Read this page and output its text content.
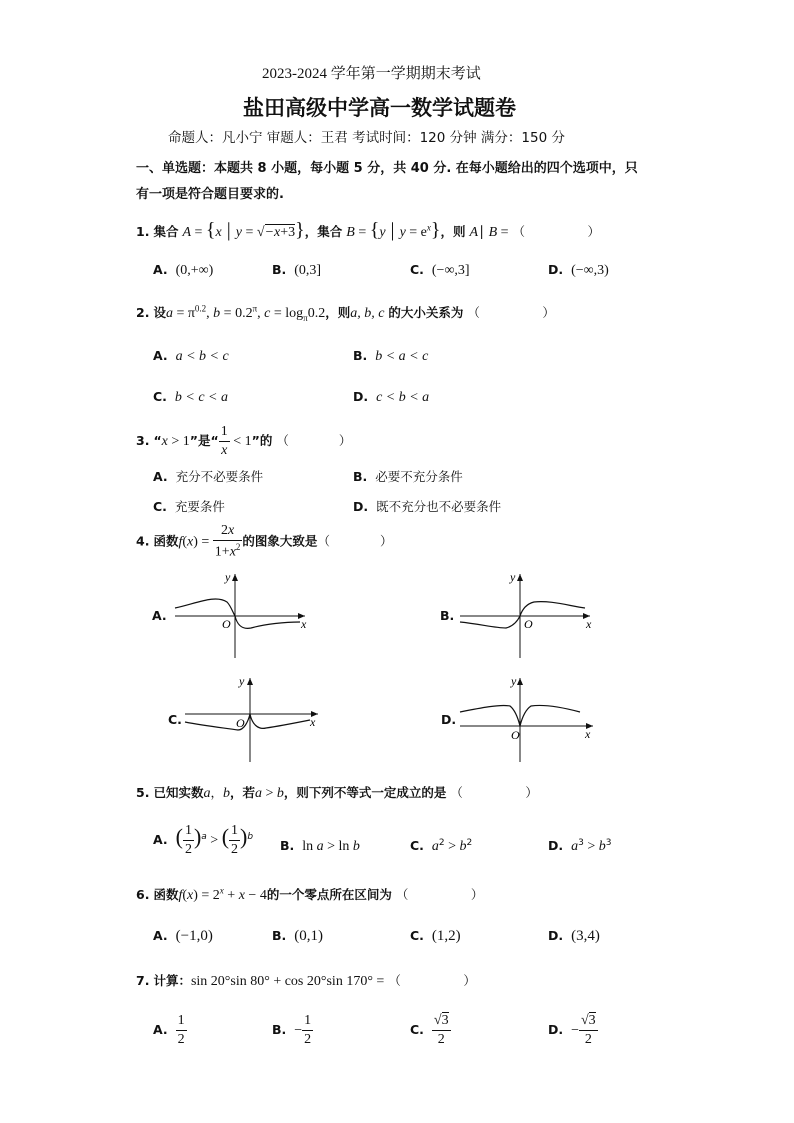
2023-2024 学年第一学期期末考试
盐田高级中学高一数学试题卷
命题人：凡小宁 审题人：王君 考试时间：120 分钟 满分：150 分
一、单选题：本题共 8 小题，每小题 5 分，共 40 分. 在每小题给出的四个选项中，只
有一项是符合题目要求的.
1. 集合 A = {x | y = √−x+3}，集合 B = {y | $y = e^x$}，则 A∣ B = （　　　　　）
A. (0,+∞)	B. (0,3]	C. (−∞,3]	D. (−∞,3)
2. 设$a = \pi^{0.2}$, $b = 0.2^\pi$, $c = \log_\pi 0.2$，则a, b, c 的大小关系为 （　　　　　）
A. a < b < c	B. b < a < c
C. b < c < a	D. c < b < a
3. “x > 1”是“ $\frac{1}{x} < 1$”的 （　　　　）
A. 充分不必要条件	B. 必要不充分条件
C. 充要条件	D. 既不充分也不必要条件
4. 函数$f(x) = \frac{2x}{1+x^2}$ 的图象大致是（　　　　）
y
x
O
A.
y
x
O
B.
y
x
O
C.
y
x
O
D.
5. 已知实数a，b，若a > b，则下列不等式一定成立的是 （　　　　　）
A. ( $\frac{1}{2} )^a$ > ( $\frac{1}{2} )^b$
B. ln a > ln b	C. $a^2 > b^2$	D. $a^3 > b^3$
6. 函数$f(x) = 2^x + x - 4$的一个零点所在区间为 （　　　　　）
A. (−1,0)	B. (0,1)	C. (1,2)	D. (3,4)
7. 计算：sin 20°sin 80° + cos 20°sin 170° = （　　　　　）
A. $\frac{1}{2}$	B. − $\frac{1}{2}$	C. $\frac{√3}{2}$	D. − $\frac{√3}{2}$
